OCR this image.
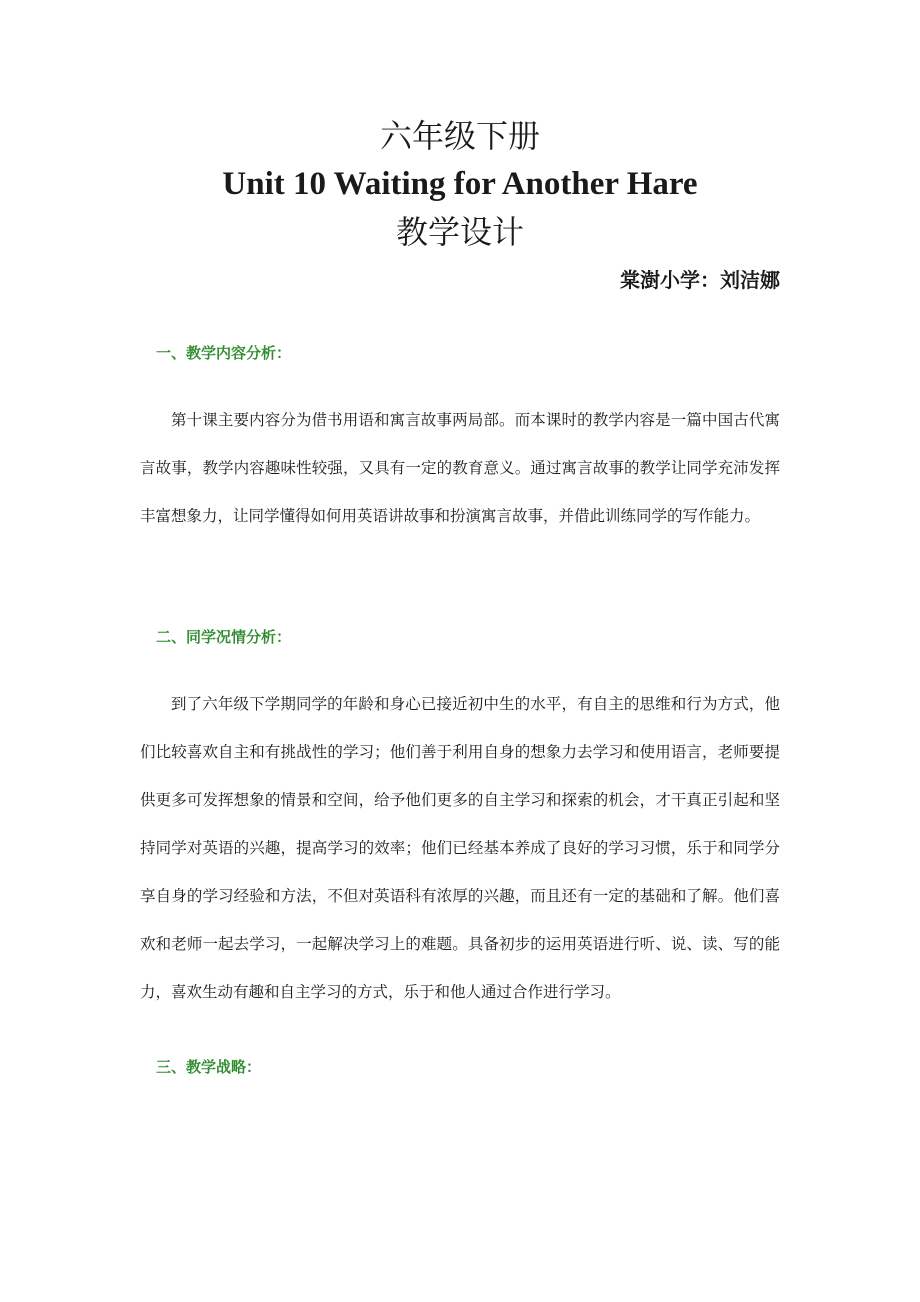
六年级下册
Unit 10 Waiting for Another Hare
教学设计
棠澍小学：刘洁娜
一、教学内容分析：
第十课主要内容分为借书用语和寓言故事两局部。而本课时的教学内容是一篇中国古代寓言故事，教学内容趣味性较强，又具有一定的教育意义。通过寓言故事的教学让同学充沛发挥丰富想象力，让同学懂得如何用英语讲故事和扮演寓言故事，并借此训练同学的写作能力。
二、同学况情分析：
到了六年级下学期同学的年龄和身心已接近初中生的水平，有自主的思维和行为方式，他们比较喜欢自主和有挑战性的学习；他们善于利用自身的想象力去学习和使用语言，老师要提供更多可发挥想象的情景和空间，给予他们更多的自主学习和探索的机会，才干真正引起和坚持同学对英语的兴趣，提高学习的效率；他们已经基本养成了良好的学习习惯，乐于和同学分享自身的学习经验和方法，不但对英语科有浓厚的兴趣，而且还有一定的基础和了解。他们喜欢和老师一起去学习，一起解决学习上的难题。具备初步的运用英语进行听、说、读、写的能力，喜欢生动有趣和自主学习的方式，乐于和他人通过合作进行学习。
三、教学战略：
